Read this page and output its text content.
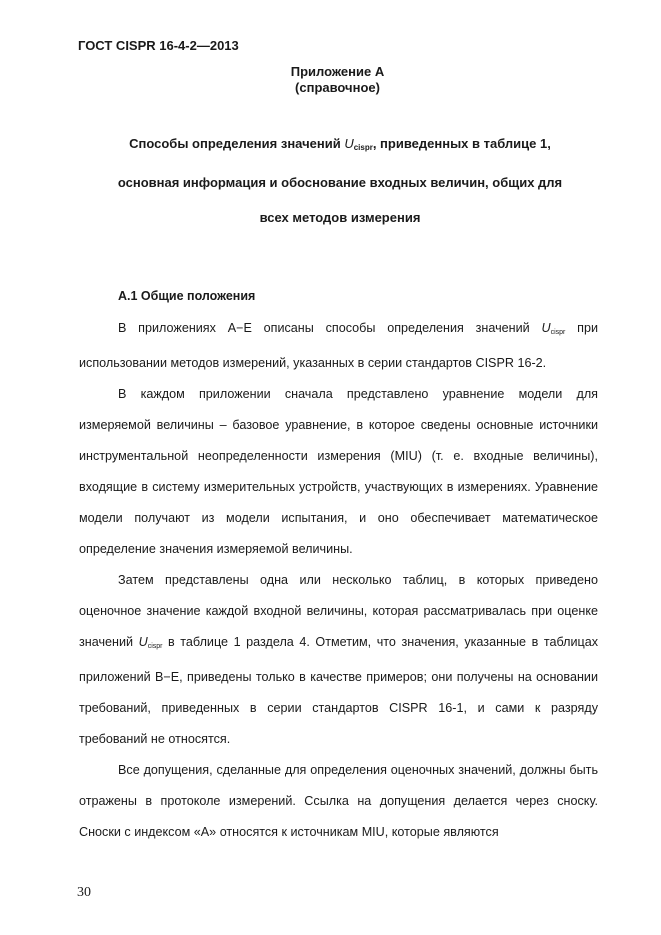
ГОСТ CISPR 16-4-2—2013
Приложение А
(справочное)

Способы определения значений $U_{cispr}$, приведенных в таблице 1,

основная информация и обоснование входных величин, общих для

всех методов измерения

А.1 Общие положения

В приложениях А−Е описаны способы определения значений Ucispr при использовании методов измерений, указанных в серии стандартов CISPR 16-2.

В каждом приложении сначала представлено уравнение модели для измеряемой величины – базовое уравнение, в которое сведены основные источники инструментальной неопределенности измерения (MIU) (т. е. входные величины), входящие в систему измерительных устройств, участвующих в измерениях. Уравнение модели получают из модели испытания, и оно обеспечивает математическое определение значения измеряемой величины.

Затем представлены одна или несколько таблиц, в которых приведено оценочное значение каждой входной величины, которая рассматривалась при оценке значений Ucispr в таблице 1 раздела 4. Отметим, что значения, указанные в таблицах приложений В−Е, приведены только в качестве примеров; они получены на основании требований, приведенных в серии стандартов CISPR 16-1, и сами к разряду требований не относятся.

Все допущения, сделанные для определения оценочных значений, должны быть отражены в протоколе измерений. Ссылка на допущения делается через сноску. Сноски с индексом «А» относятся к источникам MIU, которые являются

30
